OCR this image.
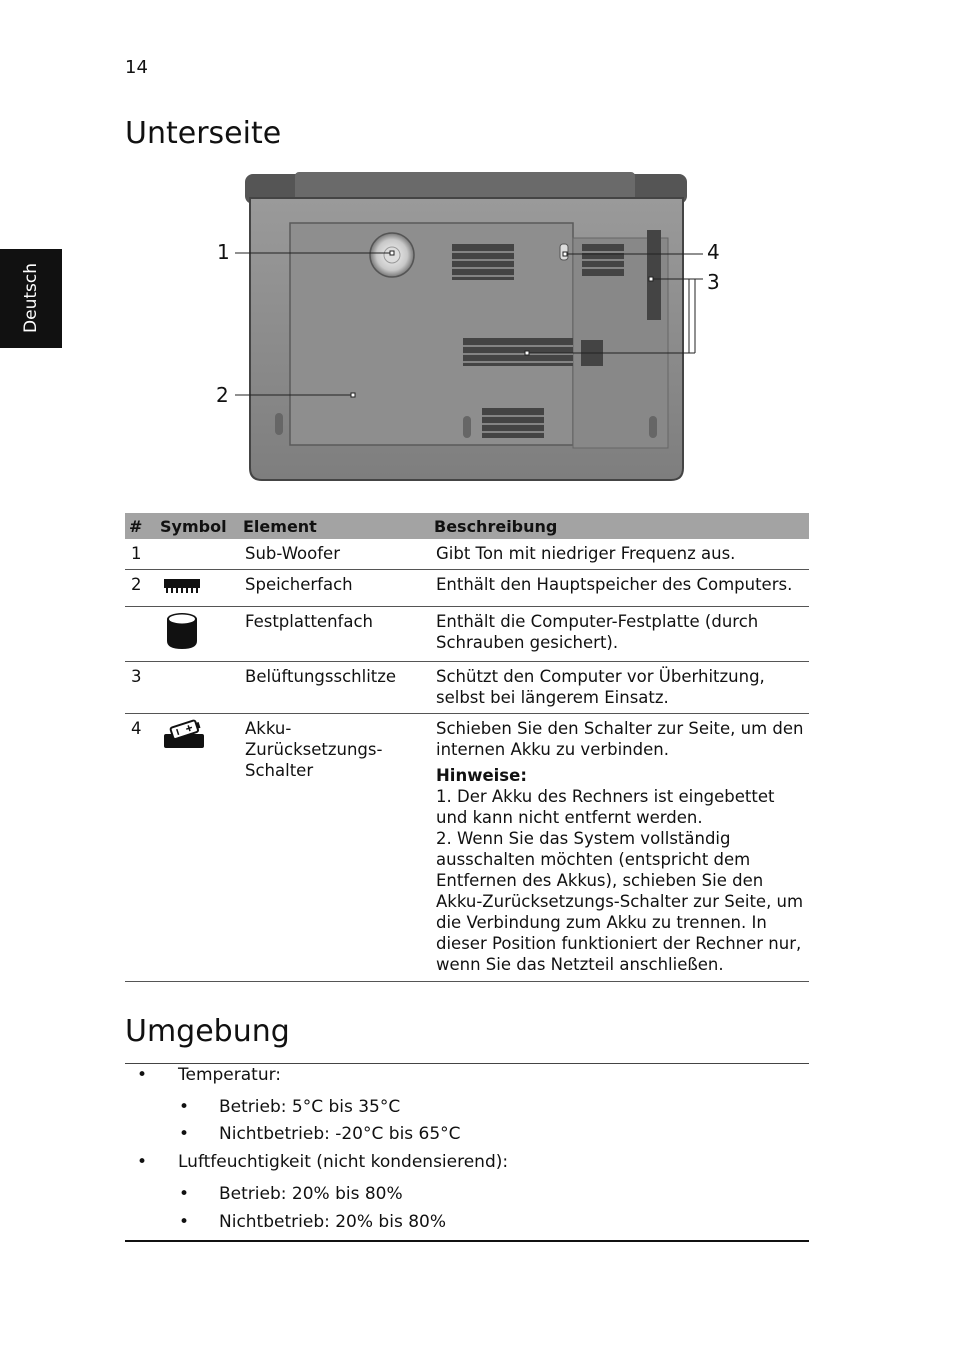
14
Deutsch
Unterseite
1
2
3
4
#	Symbol	Element	Beschreibung
1		Sub-Woofer	Gibt Ton mit niedriger Frequenz aus.
2		Speicherfach	Enthält den Hauptspeicher des Computers.
		Festplattenfach	Enthält die Computer-Festplatte (durch Schrauben gesichert).
3		Belüftungsschlitze	Schützt den Computer vor Überhitzung, selbst bei längerem Einsatz.
4		Akku-Zurücksetzungs-Schalter	Schieben Sie den Schalter zur Seite, um den internen Akku zu verbinden.
Hinweise:
1. Der Akku des Rechners ist eingebettet und kann nicht entfernt werden.
2. Wenn Sie das System vollständig ausschalten möchten (entspricht dem Entfernen des Akkus), schieben Sie den Akku-Zurücksetzungs-Schalter zur Seite, um die Verbindung zum Akku zu trennen. In dieser Position funktioniert der Rechner nur, wenn Sie das Netzteil anschließen.
Umgebung
• Temperatur:
• Betrieb: 5°C bis 35°C
• Nichtbetrieb: -20°C bis 65°C
• Luftfeuchtigkeit (nicht kondensierend):
• Betrieb: 20% bis 80%
• Nichtbetrieb: 20% bis 80%
